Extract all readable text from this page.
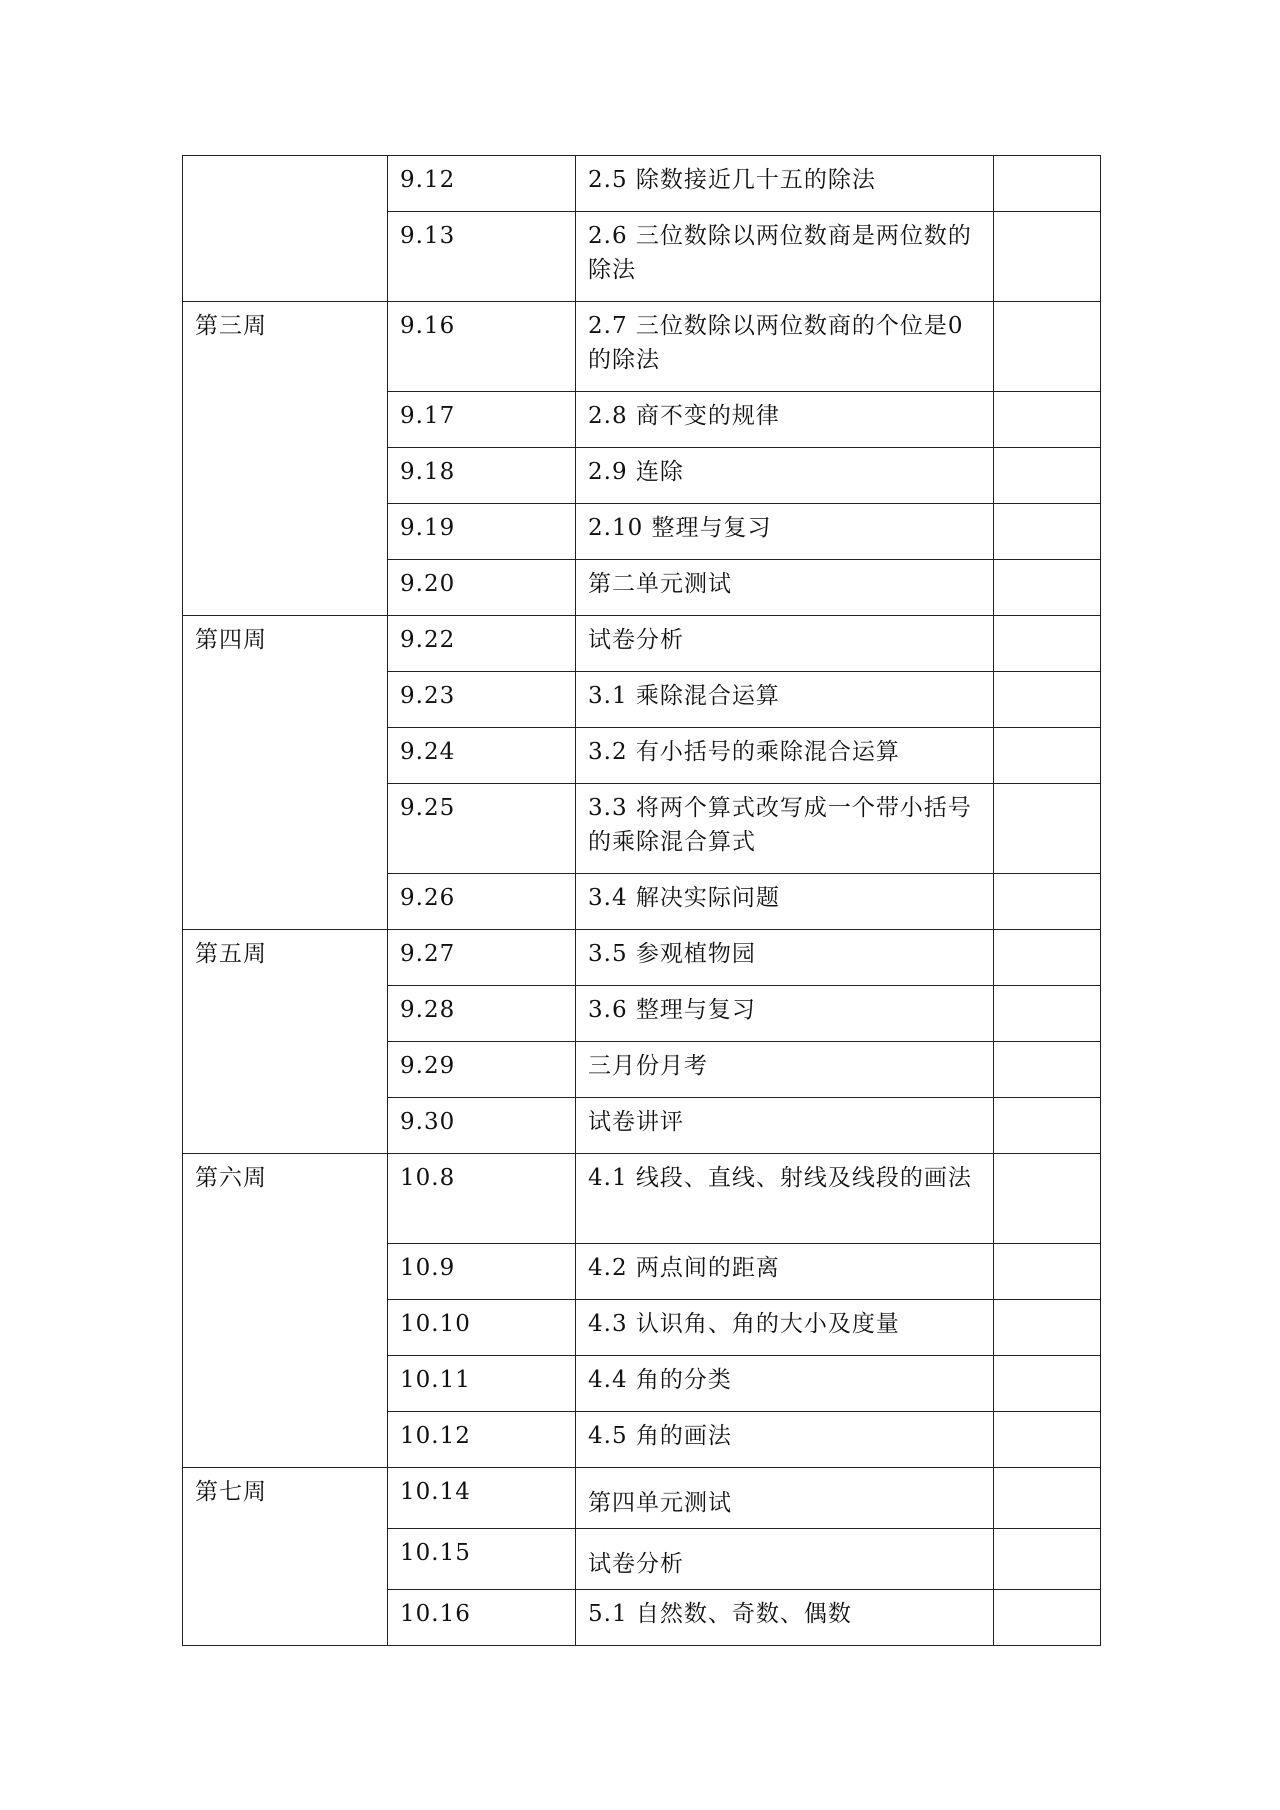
	9.12	2.5 除数接近几十五的除法	
	9.13	2.6 三位数除以两位数商是两位数的除法	
第三周	9.16	2.7 三位数除以两位数商的个位是0的除法	
	9.17	2.8 商不变的规律	
	9.18	2.9 连除	
	9.19	2.10 整理与复习	
	9.20	第二单元测试	
第四周	9.22	试卷分析	
	9.23	3.1 乘除混合运算	
	9.24	3.2 有小括号的乘除混合运算	
	9.25	3.3 将两个算式改写成一个带小括号的乘除混合算式	
	9.26	3.4 解决实际问题	
第五周	9.27	3.5 参观植物园	
	9.28	3.6 整理与复习	
	9.29	三月份月考	
	9.30	试卷讲评	
第六周	10.8	4.1 线段、直线、射线及线段的画法	
	10.9	4.2 两点间的距离	
	10.10	4.3 认识角、角的大小及度量	
	10.11	4.4 角的分类	
	10.12	4.5 角的画法	
第七周	10.14	第四单元测试	
	10.15	试卷分析	
	10.16	5.1 自然数、奇数、偶数	
